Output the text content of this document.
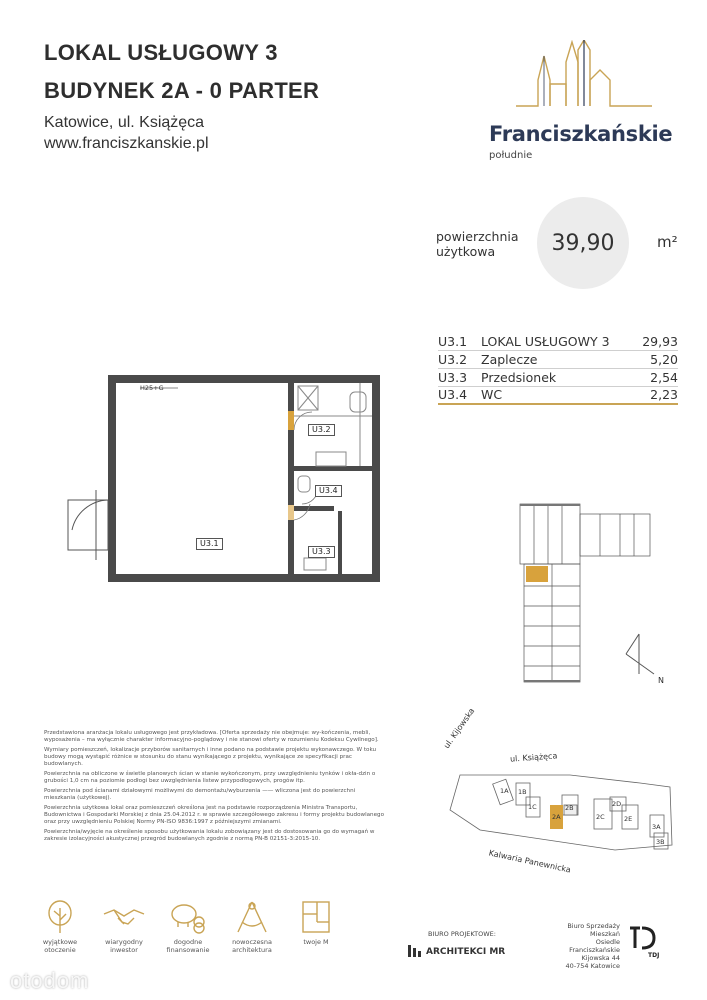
LOKAL USŁUGOWY 3
BUDYNEK 2A - 0 PARTER
Katowice, ul. Książęca
www.franciszkanskie.pl	Franciszkańskie
południe
powierzchnia
użytkowa	39,90	m²
U3.1 LOKAL USŁUGOWY 3	29,93
U3.2 Zaplecze	5,20
U3.3 Przedsionek	2,54
U3.4 WC	2,23
H25+G
U3.1
U3.2
U3.3
U3.4
N
Przedstawiona aranżacja lokalu usługowego jest przykładowa. [Oferta sprzedaży nie obejmuje: wy-kończenia, mebli, wyposażenia – ma wyłącznie charakter informacyjno-poglądowy i nie stanowi oferty w rozumieniu Kodeksu Cywilnego].
Wymiary pomieszczeń, lokalizacje przyborów sanitarnych i inne podano na podstawie projektu wykonawczego. W toku budowy mogą wystąpić różnice w stosunku do stanu wynikającego z projektu, wynikające ze specyfikacji prac budowlanych.
Powierzchnia na obliczone w świetle planowych ścian w stanie wykończonym, przy uwzględnieniu tynków i okła-dzin o grubości 1,0 cm na poziomie podłogi bez uwzględnienia listew przypodłogowych, progów itp.
Powierzchnia pod ścianami działowymi możliwymi do demontażu/wyburzenia —— wliczona jest do powierzchni mieszkania (użytkowej).
Powierzchnia użytkowa lokal oraz pomieszczeń określona jest na podstawie rozporządzenia Ministra Transportu, Budownictwa i Gospodarki Morskiej z dnia 25.04.2012 r. w sprawie szczegółowego zakresu i formy projektu budowlanego oraz przy uwzględnieniu Polskiej Normy PN-ISO 9836:1997 z późniejszymi zmianami.
Powierzchnia/wyjęcie na określenie sposobu użytkowania lokalu zobowiązany jest do dostosowania go do wymagań w zakresie izolacyjności akustycznej przegród budowlanych zgodnie z normą PN-B 02151-3:2015-10.
ul. Kijowska
ul. Książęca
Kalwaria Panewnicka
1A 1B
1C
2A
2B
2C
2D
2E
3A
3B
wyjątkowe otoczenie
wiarygodny inwestor
dogodne finansowanie
nowoczesna architektura
twoje M
BIURO PROJEKTOWE:
ARCHITEKCI MR
Biuro Sprzedaży Mieszkań
Osiedle Franciszkańskie
Kijowska 44
40-754 Katowice
TDJ
otodom
